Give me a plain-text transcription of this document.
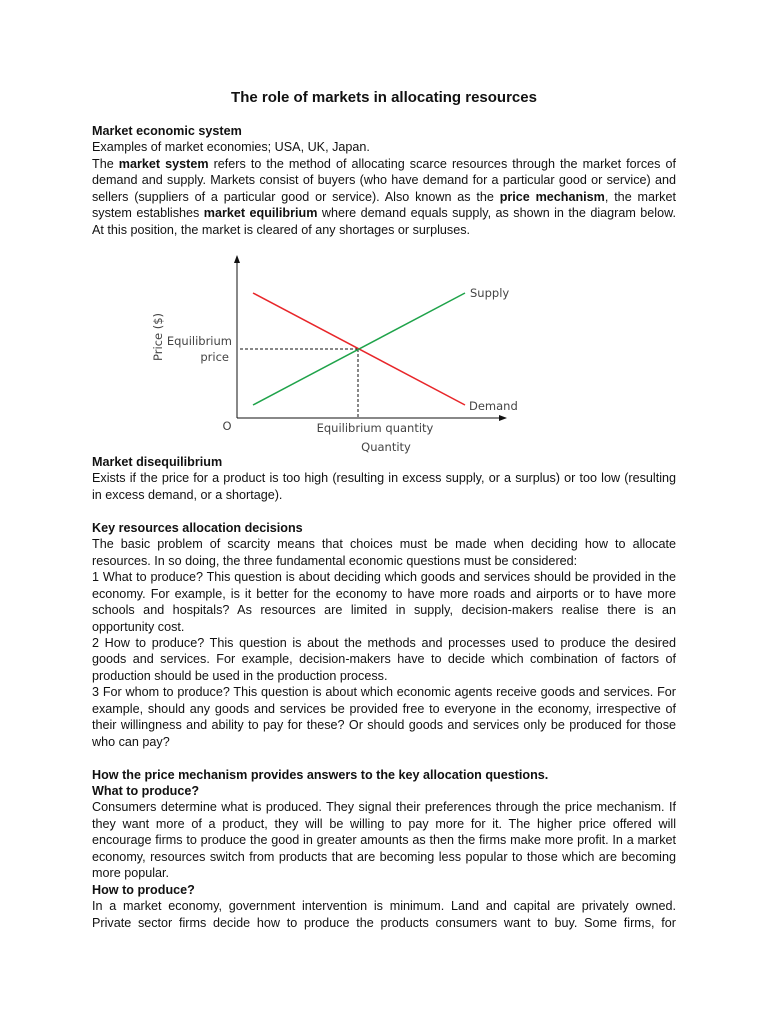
The role of markets in allocating resources

Market economic system

Examples of market economies; USA, UK, Japan.

The market system refers to the method of allocating scarce resources through the market forces of demand and supply. Markets consist of buyers (who have demand for a particular good or service) and sellers (suppliers of a particular good or service). Also known as the price mechanism, the market system establishes market equilibrium where demand equals supply, as shown in the diagram below. At this position, the market is cleared of any shortages or surpluses.

Supply
Demand
Equilibrium
price
Price ($)
O	Equilibrium quantity
Quantity

Market disequilibrium

Exists if the price for a product is too high (resulting in excess supply, or a surplus) or too low (resulting in excess demand, or a shortage).

Key resources allocation decisions

The basic problem of scarcity means that choices must be made when deciding how to allocate resources. In so doing, the three fundamental economic questions must be considered:

1 What to produce? This question is about deciding which goods and services should be provided in the economy. For example, is it better for the economy to have more roads and airports or to have more schools and hospitals? As resources are limited in supply, decision-makers realise there is an opportunity cost.

2 How to produce? This question is about the methods and processes used to produce the desired goods and services. For example, decision-makers have to decide which combination of factors of production should be used in the production process.

3 For whom to produce? This question is about which economic agents receive goods and services. For example, should any goods and services be provided free to everyone in the economy, irrespective of their willingness and ability to pay for these? Or should goods and services only be produced for those who can pay?

How the price mechanism provides answers to the key allocation questions.

What to produce?

Consumers determine what is produced. They signal their preferences through the price mechanism. If they want more of a product, they will be willing to pay more for it. The higher price offered will encourage firms to produce the good in greater amounts as then the firms make more profit. In a market economy, resources switch from products that are becoming less popular to those which are becoming more popular.

How to produce?

In a market economy, government intervention is minimum. Land and capital are privately owned. Private sector firms decide how to produce the products consumers want to buy. Some firms, for
